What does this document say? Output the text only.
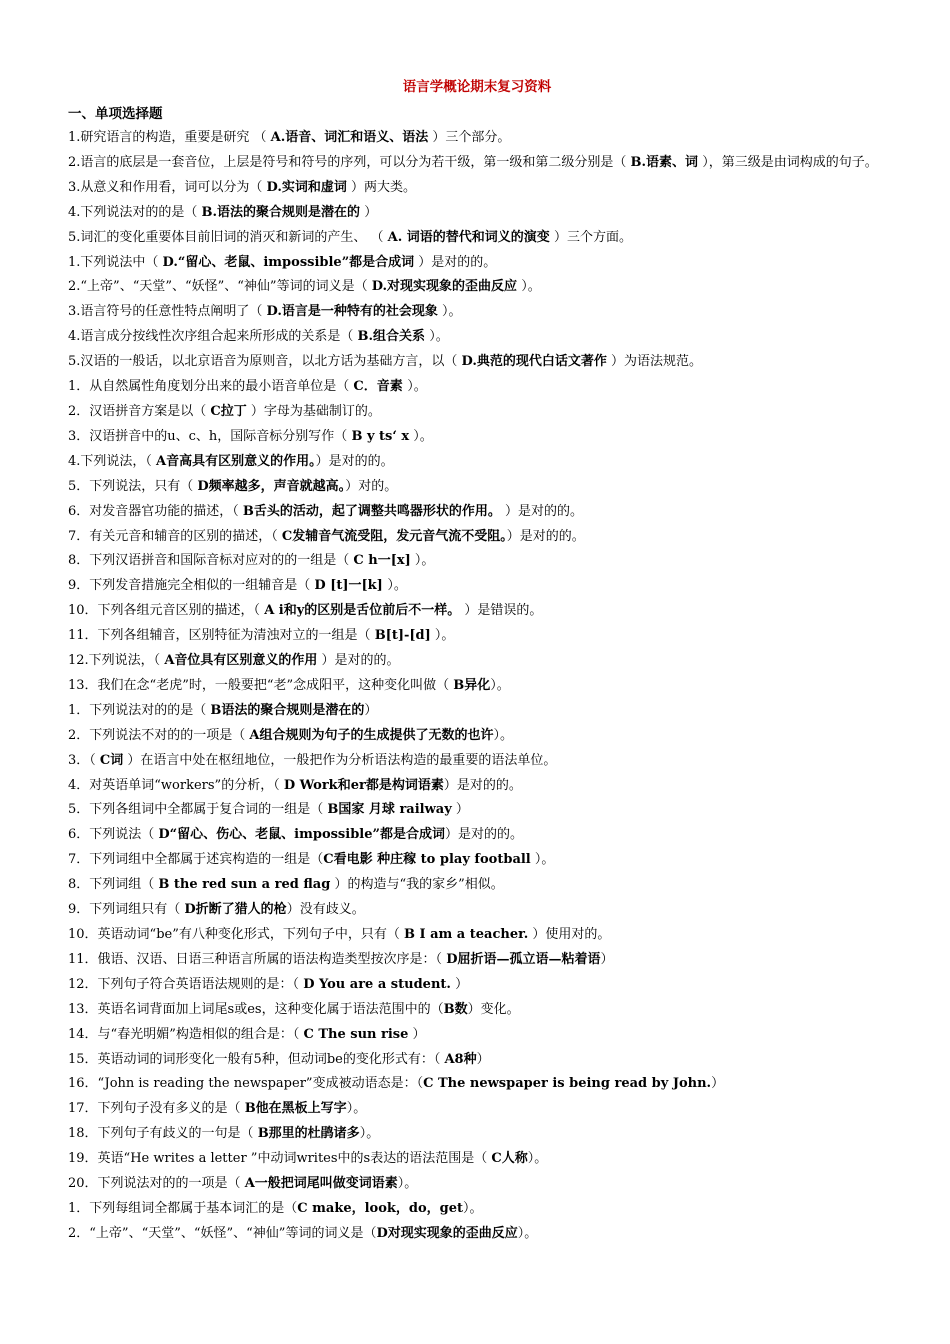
语言学概论期末复习资料
一、单项选择题
1.研究语言的构造，重要是研究 （ A.语音、词汇和语义、语法 ）三个部分。
2.语言的底层是一套音位，上层是符号和符号的序列，可以分为若干级，第一级和第二级分别是（ B.语素、词 ），第三级是由词构成的句子。
3.从意义和作用看，词可以分为（ D.实词和虚词 ）两大类。
4.下列说法对的的是（ B.语法的聚合规则是潜在的 ）
5.词汇的变化重要体目前旧词的消灭和新词的产生、 （ A. 词语的替代和词义的演变 ）三个方面。
1.下列说法中（ D.“留心、老鼠、impossible”都是合成词 ）是对的的。
2.“上帝”、“天堂”、“妖怪”、“神仙”等词的词义是（ D.对现实现象的歪曲反应 ）。
3.语言符号的任意性特点阐明了（ D.语言是一种特有的社会现象 ）。
4.语言成分按线性次序组合起来所形成的关系是（ B.组合关系 ）。
5.汉语的一般话，以北京语音为原则音，以北方话为基础方言，以（ D.典范的现代白话文著作 ）为语法规范。
1．从自然属性角度划分出来的最小语音单位是（ C．音素 ）。
2．汉语拼音方案是以（ C拉丁 ）字母为基础制订的。
3．汉语拼音中的u、c、h，国际音标分别写作（ B y ts‘ x ）。
4.下列说法，（ A音高具有区别意义的作用。）是对的的。
5．下列说法，只有（ D频率越多，声音就越高。）对的。
6．对发音器官功能的描述，（ B舌头的活动，起了调整共鸣器形状的作用。 ）是对的的。
7．有关元音和辅音的区别的描述，（ C发辅音气流受阻，发元音气流不受阻。）是对的的。
8．下列汉语拼音和国际音标对应对的的一组是（ C h一[x] ）。
9．下列发音措施完全相似的一组辅音是（ D [t]一[k] ）。
10．下列各组元音区别的描述，（ A i和y的区别是舌位前后不一样。 ）是错误的。
11．下列各组辅音，区别特征为清浊对立的一组是（ B[t]-[d] ）。
12.下列说法，（ A音位具有区别意义的作用 ）是对的的。
13．我们在念“老虎”时，一般要把“老”念成阳平，这种变化叫做（ B异化）。
1．下列说法对的的是（ B语法的聚合规则是潜在的）
2．下列说法不对的的一项是（ A组合规则为句子的生成提供了无数的也许）。
3．（ C词 ）在语言中处在枢纽地位，一般把作为分析语法构造的最重要的语法单位。
4．对英语单词“workers”的分析，（ D Work和er都是构词语素）是对的的。
5．下列各组词中全都属于复合词的一组是（ B国家 月球 railway ）
6．下列说法（ D“留心、伤心、老鼠、impossible”都是合成词）是对的的。
7．下列词组中全都属于述宾构造的一组是（C看电影 种庄稼 to play football ）。
8．下列词组（ B the red sun a red flag ）的构造与“我的家乡”相似。
9．下列词组只有（ D折断了猎人的枪）没有歧义。
10．英语动词“be”有八种变化形式，下列句子中，只有（ B I am a teacher. ）使用对的。
11．俄语、汉语、日语三种语言所属的语法构造类型按次序是：（ D屈折语—孤立语—粘着语）
12．下列句子符合英语语法规则的是：（ D You are a student. ）
13．英语名词背面加上词尾s或es，这种变化属于语法范围中的（B数）变化。
14．与“春光明媚”构造相似的组合是：（ C The sun rise ）
15．英语动词的词形变化一般有5种，但动词be的变化形式有：（ A8种）
16．“John is reading the newspaper”变成被动语态是：（C The newspaper is being read by John.）
17．下列句子没有多义的是（ B他在黑板上写字）。
18．下列句子有歧义的一句是（ B那里的杜鹃诸多）。
19．英语“He writes a letter ”中动词writes中的s表达的语法范围是（ C人称）。
20．下列说法对的的一项是（ A一般把词尾叫做变词语素）。
1．下列每组词全都属于基本词汇的是（C make，look，do，get）。
2．“上帝”、“天堂”、“妖怪”、“神仙”等词的词义是（D对现实现象的歪曲反应）。
